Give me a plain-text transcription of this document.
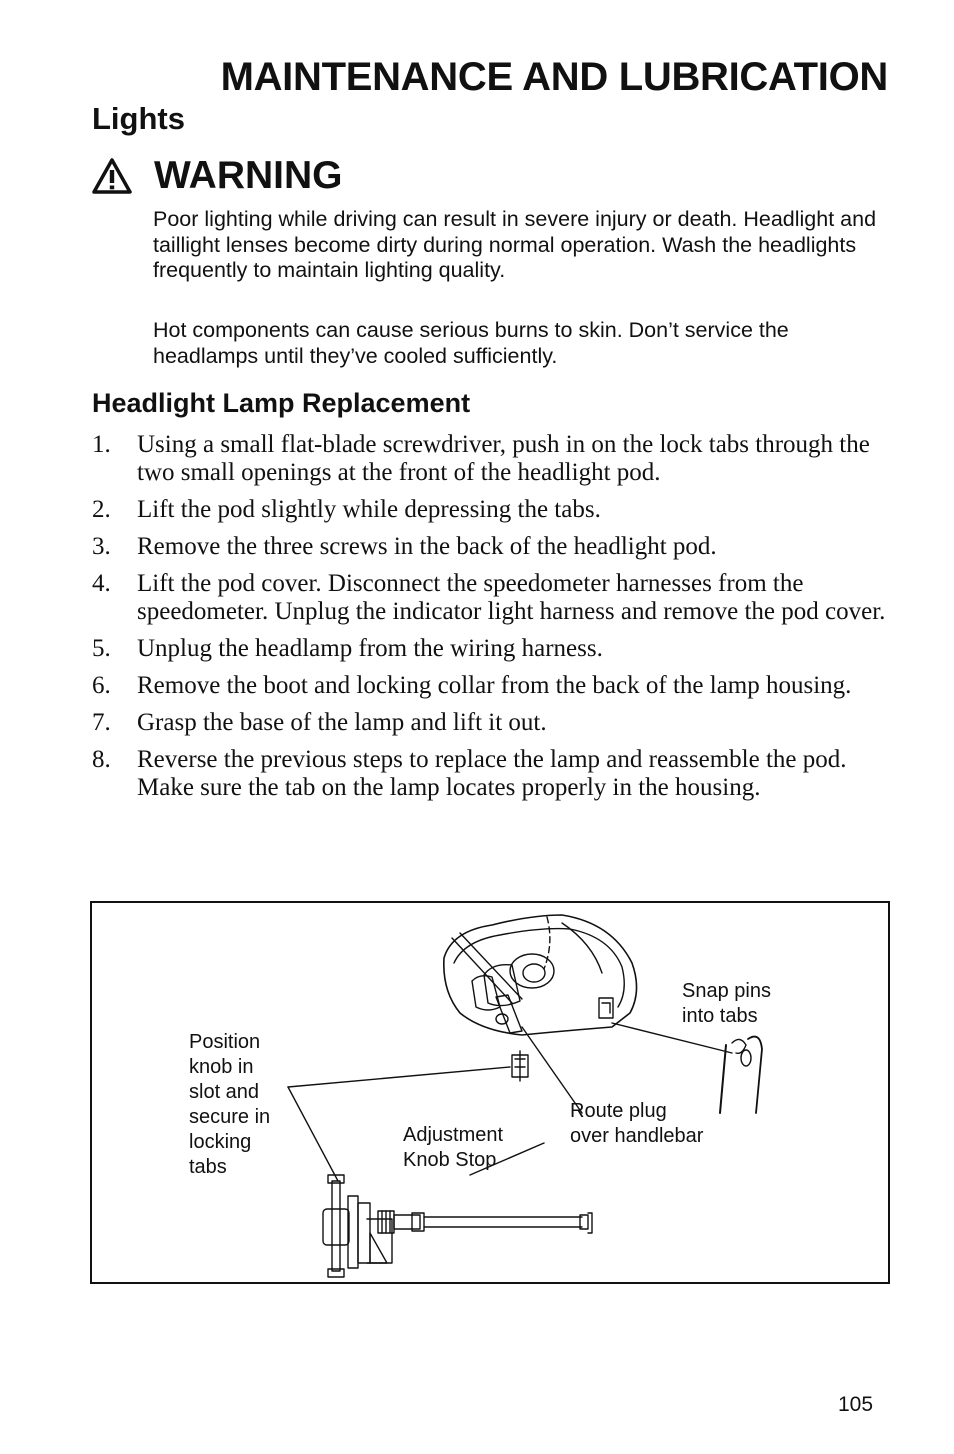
MAINTENANCE AND LUBRICATION
Lights
WARNING

Poor lighting while driving can result in severe injury or death. Headlight and taillight lenses become dirty during normal operation. Wash the headlights frequently to maintain lighting quality.

Hot components can cause serious burns to skin. Don’t service the headlamps until they’ve cooled sufficiently.

Headlight Lamp Replacement
1. Using a small flat-blade screwdriver, push in on the lock tabs through the two small openings at the front of the headlight pod.
2. Lift the pod slightly while depressing the tabs.
3. Remove the three screws in the back of the headlight pod.
4. Lift the pod cover. Disconnect the speedometer harnesses from the speedometer. Unplug the indicator light harness and remove the pod cover.
5. Unplug the headlamp from the wiring harness.
6. Remove the boot and locking collar from the back of the lamp housing.
7. Grasp the base of the lamp and lift it out.
8. Reverse the previous steps to replace the lamp and reassemble the pod. Make sure the tab on the lamp locates properly in the housing.
Snap pins
into tabs
Position
knob in
slot and
secure in
locking
tabs
Route plug
over handlebar
Adjustment
Knob Stop
105
